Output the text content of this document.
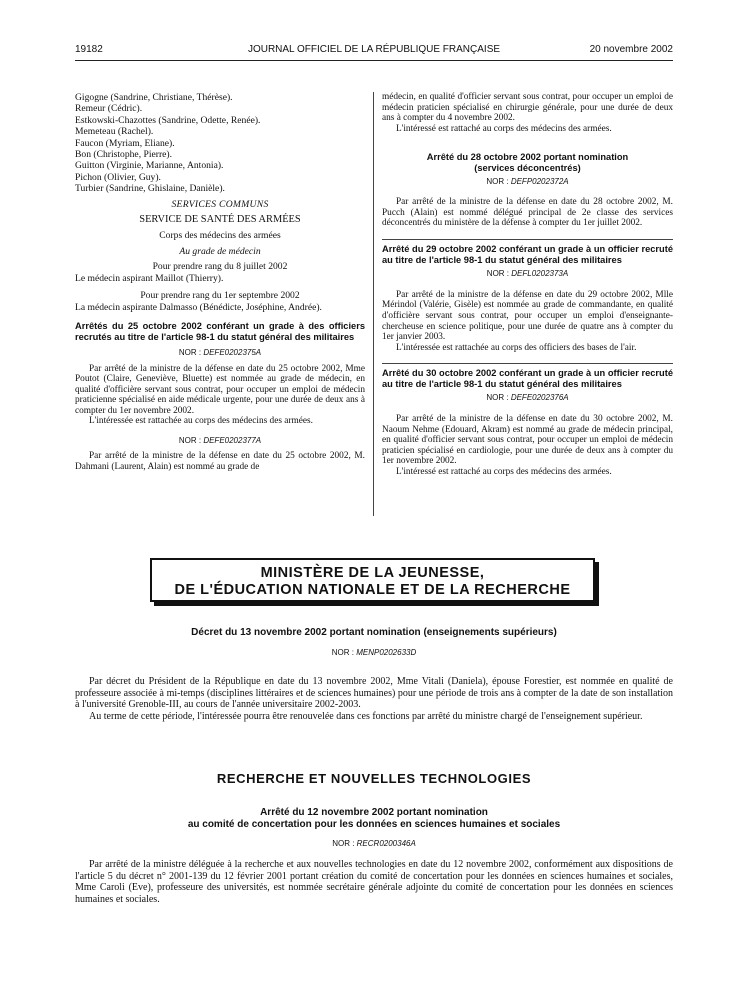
19182	JOURNAL OFFICIEL DE LA RÉPUBLIQUE FRANÇAISE	20 novembre 2002
Gigogne (Sandrine, Christiane, Thérèse).
Remeur (Cédric).
Estkowski-Chazottes (Sandrine, Odette, Renée).
Memeteau (Rachel).
Faucon (Myriam, Eliane).
Bon (Christophe, Pierre).
Guitton (Virginie, Marianne, Antonia).
Pichon (Olivier, Guy).
Turbier (Sandrine, Ghislaine, Danièle).
SERVICES COMMUNS
SERVICE DE SANTÉ DES ARMÉES
Corps des médecins des armées
Au grade de médecin
Pour prendre rang du 8 juillet 2002
Le médecin aspirant Maillot (Thierry).
Pour prendre rang du 1er septembre 2002
La médecin aspirante Dalmasso (Bénédicte, Joséphine, Andrée).
Arrêtés du 25 octobre 2002 conférant un grade à des officiers recrutés au titre de l'article 98-1 du statut général des militaires
NOR : DEFE0202375A
Par arrêté de la ministre de la défense en date du 25 octobre 2002, Mme Poutot (Claire, Geneviève, Bluette) est nommée au grade de médecin, en qualité d'officière servant sous contrat, pour occuper un emploi de médecin praticienne spécialisé en aide médicale urgente, pour une durée de deux ans à compter du 1er novembre 2002.
L'intéressée est rattachée au corps des médecins des armées.
NOR : DEFE0202377A
Par arrêté de la ministre de la défense en date du 25 octobre 2002, M. Dahmani (Laurent, Alain) est nommé au grade de
médecin, en qualité d'officier servant sous contrat, pour occuper un emploi de médecin praticien spécialisé en chirurgie générale, pour une durée de deux ans à compter du 4 novembre 2002.
L'intéressé est rattaché au corps des médecins des armées.
Arrêté du 28 octobre 2002 portant nomination
(services déconcentrés)
NOR : DEFP0202372A
Par arrêté de la ministre de la défense en date du 28 octobre 2002, M. Pucch (Alain) est nommé délégué principal de 2e classe des services déconcentrés du ministère de la défense à compter du 1er juillet 2002.
Arrêté du 29 octobre 2002 conférant un grade à un officier recruté au titre de l'article 98-1 du statut général des militaires
NOR : DEFL0202373A
Par arrêté de la ministre de la défense en date du 29 octobre 2002, Mlle Mérindol (Valérie, Gisèle) est nommée au grade de commandante, en qualité d'officière servant sous contrat, pour occuper un emploi d'enseignante-chercheuse en science politique, pour une durée de quatre ans à compter du 1er janvier 2003.
L'intéressée est rattachée au corps des officiers des bases de l'air.
Arrêté du 30 octobre 2002 conférant un grade à un officier recruté au titre de l'article 98-1 du statut général des militaires
NOR : DEFE0202376A
Par arrêté de la ministre de la défense en date du 30 octobre 2002, M. Naoum Nehme (Edouard, Akram) est nommé au grade de médecin principal, en qualité d'officier servant sous contrat, pour occuper un emploi de médecin praticien spécialisé en cardiologie, pour une durée de deux ans à compter du 1er novembre 2002.
L'intéressé est rattaché au corps des médecins des armées.
MINISTÈRE DE LA JEUNESSE,
DE L'ÉDUCATION NATIONALE ET DE LA RECHERCHE
Décret du 13 novembre 2002 portant nomination (enseignements supérieurs)
NOR : MENP0202633D
Par décret du Président de la République en date du 13 novembre 2002, Mme Vitali (Daniela), épouse Forestier, est nommée en qualité de professeure associée à mi-temps (disciplines littéraires et de sciences humaines) pour une période de trois ans à compter de la date de son installation à l'université Grenoble-III, au cours de l'année universitaire 2002-2003.
Au terme de cette période, l'intéressée pourra être renouvelée dans ces fonctions par arrêté du ministre chargé de l'enseignement supérieur.
RECHERCHE ET NOUVELLES TECHNOLOGIES
Arrêté du 12 novembre 2002 portant nomination
au comité de concertation pour les données en sciences humaines et sociales
NOR : RECR0200346A
Par arrêté de la ministre déléguée à la recherche et aux nouvelles technologies en date du 12 novembre 2002, conformément aux dispositions de l'article 5 du décret n° 2001-139 du 12 février 2001 portant création du comité de concertation pour les données en sciences humaines et sociales, Mme Caroli (Eve), professeure des universités, est nommée secrétaire générale adjointe du comité de concertation pour les données en sciences humaines et sociales.
